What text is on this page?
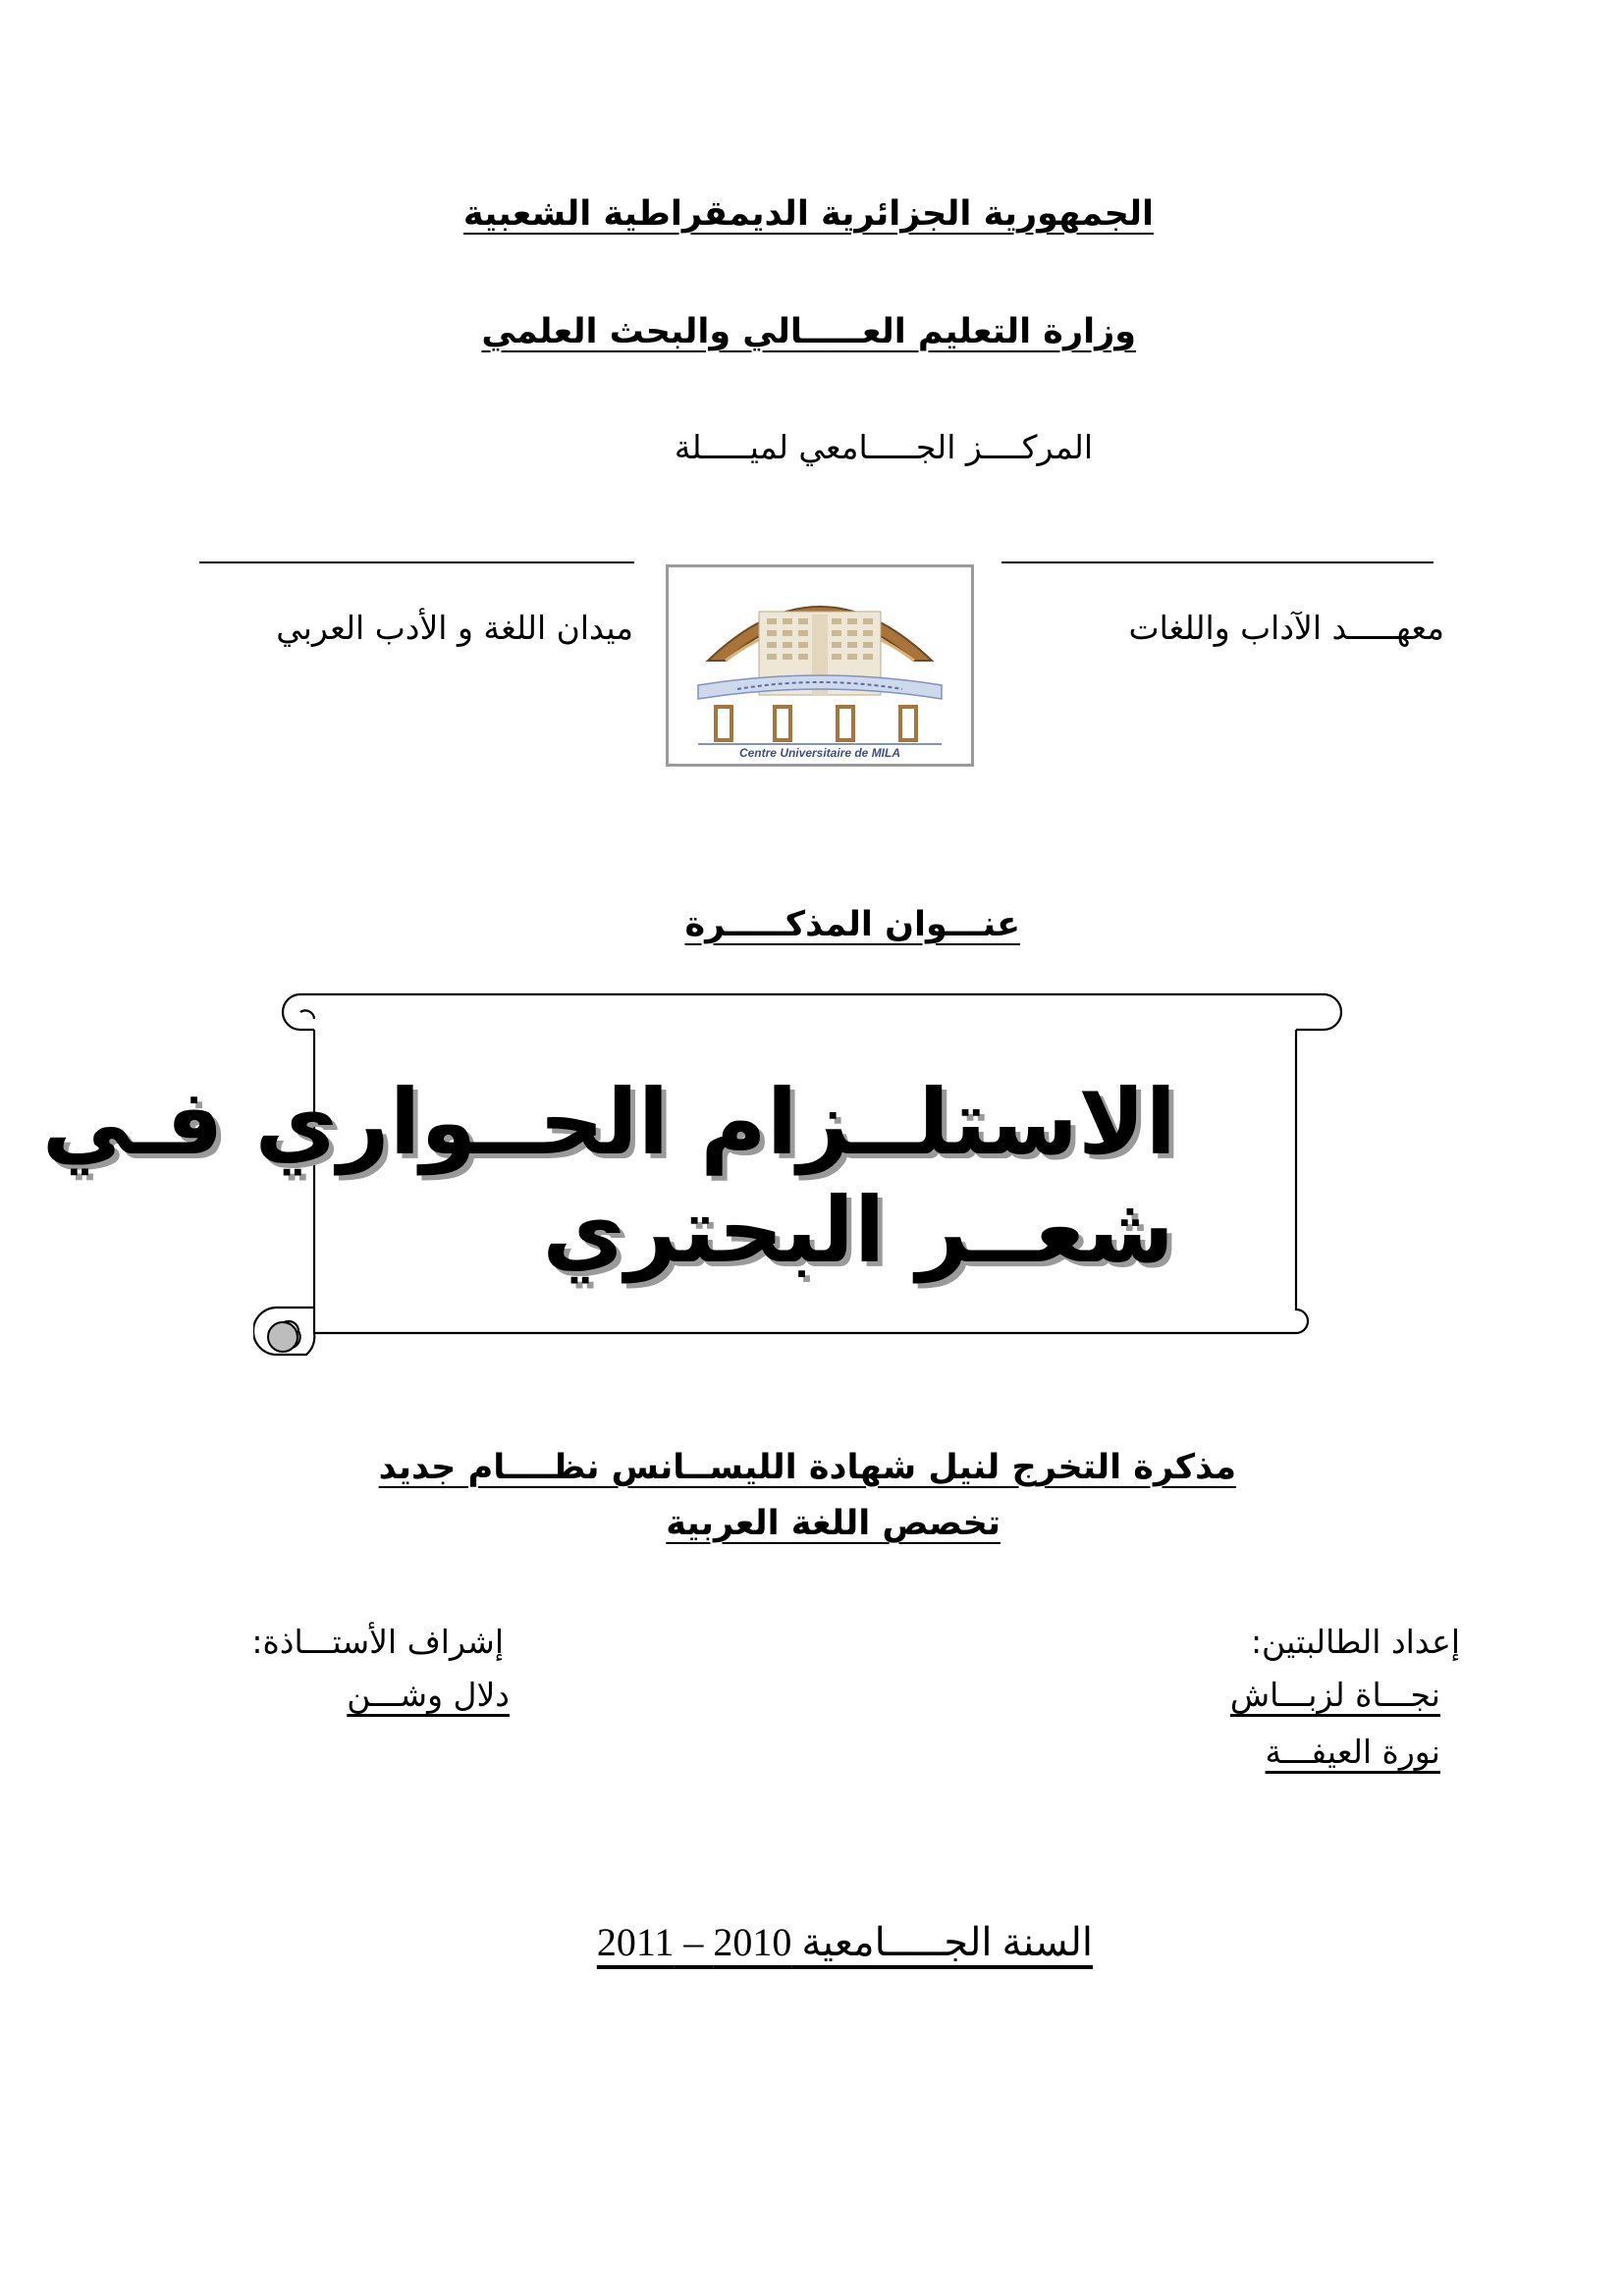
الجمهورية الجزائرية الديمقراطية الشعبية
وزارة التعليم العـــــالي والبحث العلمي
المركــــز الجـــــامعي لميـــــلة
معهـــــد الآداب واللغات
ميدان اللغة و الأدب العربي
Centre Universitaire de MILA
عنـــوان المذكـــــرة
الاستلــزام الحــواري فـي
شعــر البحتري
مذكرة التخرج لنيل شهادة الليســانس نظــــام جديد
تخصص اللغة العربية
إعداد الطالبتين:
نجـــاة لزبـــاش
نورة العيفـــة
إشراف الأستـــاذة:
دلال وشـــن
السنة الجـــــامعية 2010 – 2011
